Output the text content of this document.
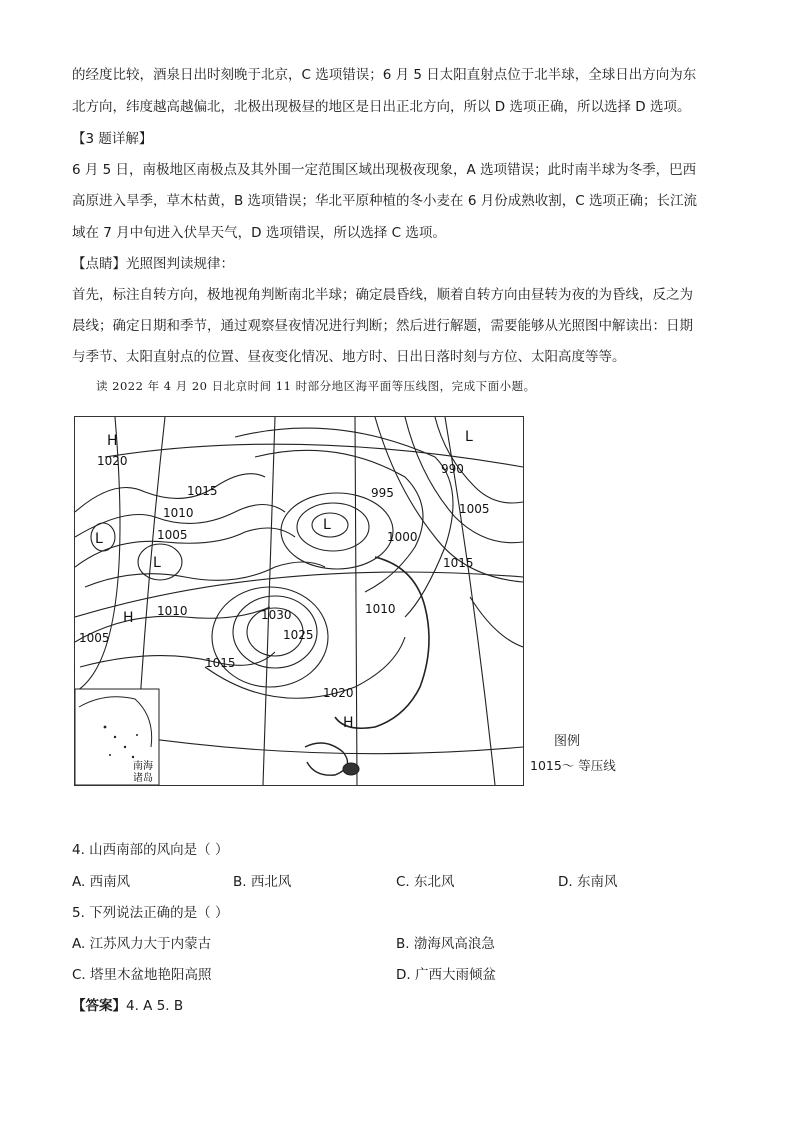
的经度比较，酒泉日出时刻晚于北京，C 选项错误；6 月 5 日太阳直射点位于北半球，全球日出方向为东
北方向，纬度越高越偏北，北极出现极昼的地区是日出正北方向，所以 D 选项正确，所以选择 D 选项。
【3 题详解】
6 月 5 日，南极地区南极点及其外围一定范围区域出现极夜现象，A 选项错误；此时南半球为冬季，巴西
高原进入旱季，草木枯黄，B 选项错误；华北平原种植的冬小麦在 6 月份成熟收割，C 选项正确；长江流
域在 7 月中旬进入伏旱天气，D 选项错误，所以选择 C 选项。
【点睛】光照图判读规律：
首先，标注自转方向，极地视角判断南北半球；确定晨昏线，顺着自转方向由昼转为夜的为昏线，反之为
晨线；确定日期和季节，通过观察昼夜情况进行判断；然后进行解题，需要能够从光照图中解读出：日期
与季节、太阳直射点的位置、昼夜变化情况、地方时、日出日落时刻与方位、太阳高度等等。
读 2022 年 4 月 20 日北京时间 11 时部分地区海平面等压线图，完成下面小题。
南海
诸岛
H
1020
1015
1010
1005
L
L
H 1010
1005
1015
1030
1025
L
995
990
L
1005
1000
1010
1015
1020
H
图例
1015～ 等压线
4. 山西南部的风向是（ ）
A. 西南风	B. 西北风	C. 东北风	D. 东南风
5. 下列说法正确的是（ ）
A. 江苏风力大于内蒙古	B. 渤海风高浪急
C. 塔里木盆地艳阳高照	D. 广西大雨倾盆
【答案】4. A 5. B
